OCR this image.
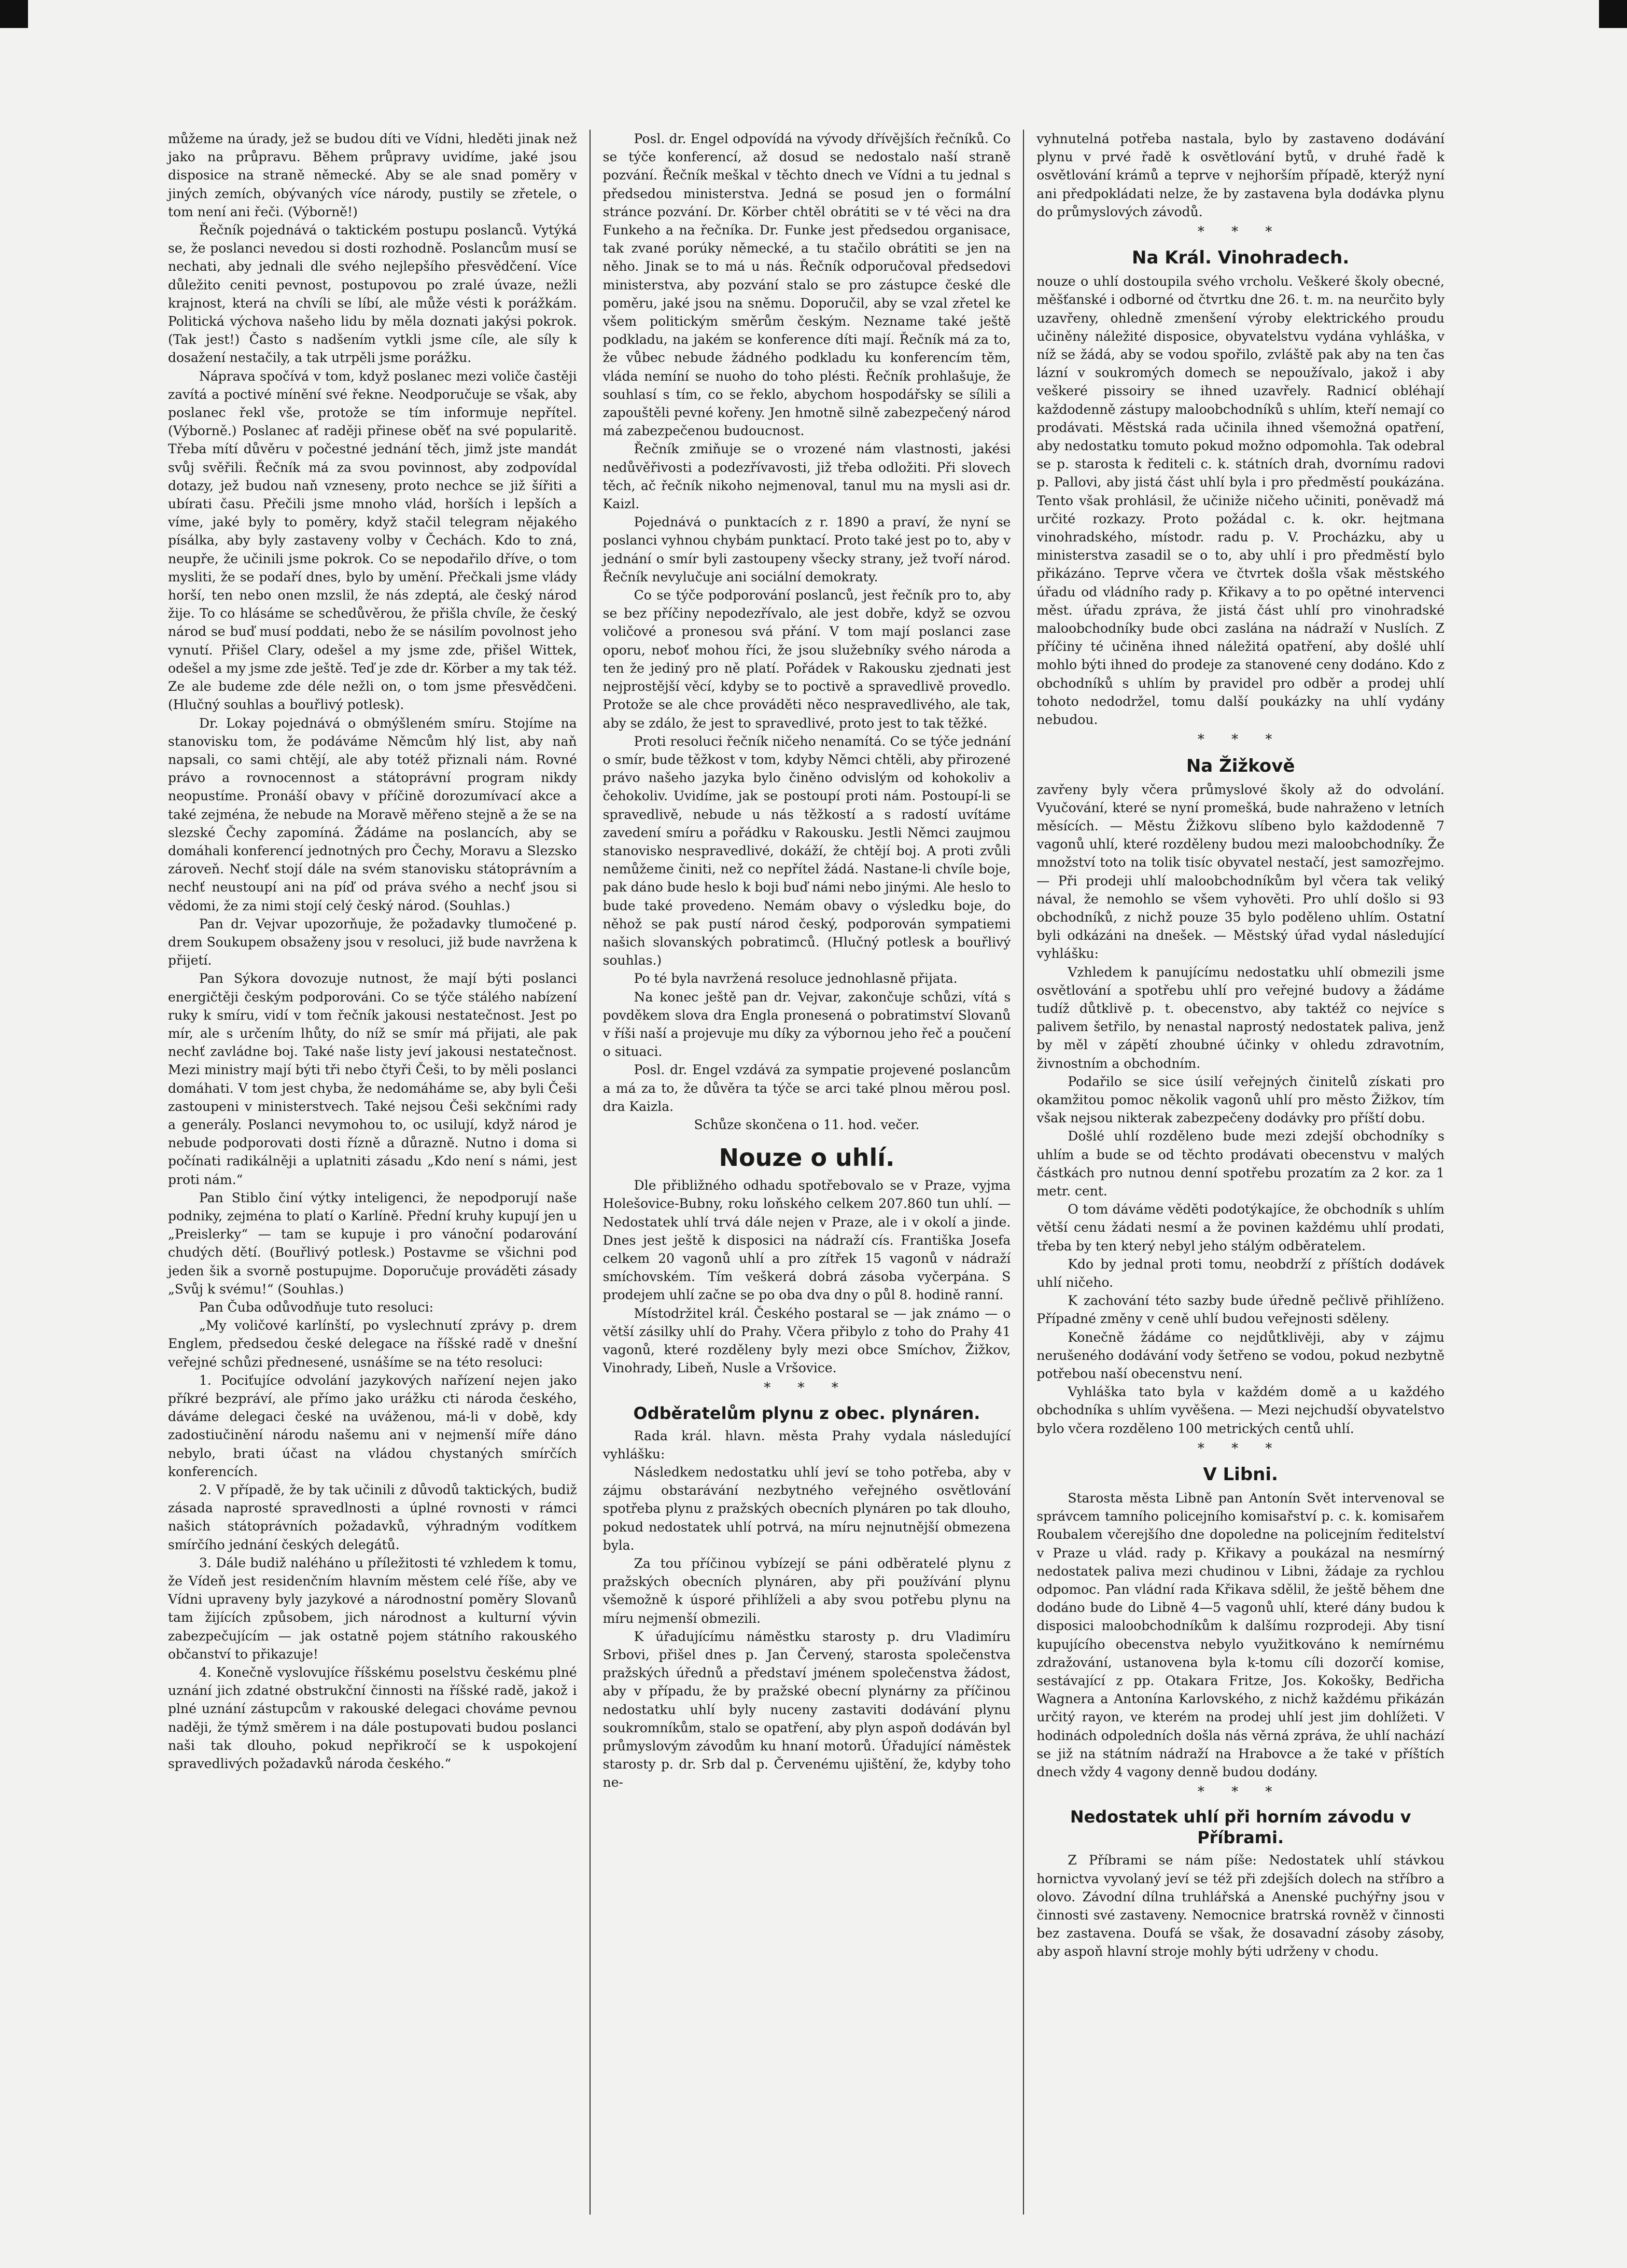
můžeme na úrady, jež se budou díti ve Vídni, hleděti jinak než jako na průpravu. Během průpravy uvidíme, jaké jsou disposice na straně německé. Aby se ale snad poměry v jiných zemích, obývaných více národy, pustily se zřetele, o tom není ani řeči. (Výborně!)

Řečník pojednává o taktickém postupu poslanců. Vytýká se, že poslanci nevedou si dosti rozhodně. Poslancům musí se nechati, aby jednali dle svého nejlepšího přesvědčení. Více důležito ceniti pevnost, postupovou po zralé úvaze, nežli krajnost, která na chvíli se líbí, ale může vésti k porážkám. Politická výchova našeho lidu by měla doznati jakýsi pokrok. (Tak jest!) Často s nadšením vytkli jsme cíle, ale síly k dosažení nestačily, a tak utrpěli jsme porážku.

Náprava spočívá v tom, když poslanec mezi voliče častěji zavítá a poctivé mínění své řekne. Neodporučuje se však, aby poslanec řekl vše, protože se tím informuje nepřítel. (Výborně.) Poslanec ať raději přinese oběť na své popularitě. Třeba mítí důvěru v počestné jednání těch, jimž jste mandát svůj svěřili. Řečník má za svou povinnost, aby zodpovídal dotazy, jež budou naň vzneseny, proto nechce se již šířiti a ubírati času. Přečili jsme mnoho vlád, horších i lepších a víme, jaké byly to poměry, když stačil telegram nějakého písálka, aby byly zastaveny volby v Čechách. Kdo to zná, neupře, že učinili jsme pokrok. Co se nepodařilo dříve, o tom mysliti, že se podaří dnes, bylo by umění. Přečkali jsme vlády horší, ten nebo onen mzslil, že nás zdeptá, ale český národ žije. To co hlásáme se schedůvěrou, že přišla chvíle, že český národ se buď musí poddati, nebo že se násilím povolnost jeho vynutí. Přišel Clary, odešel a my jsme zde, přišel Wittek, odešel a my jsme zde ještě. Teď je zde dr. Körber a my tak též. Ze ale budeme zde déle nežli on, o tom jsme přesvědčeni. (Hlučný souhlas a bouřlivý potlesk).

Dr. Lokay pojednává o obmýšleném smíru. Stojíme na stanovisku tom, že podáváme Němcům hlý list, aby naň napsali, co sami chtějí, ale aby totéž přiznali nám. Rovné právo a rovnocennost a státoprávní program nikdy neopustíme. Pronáší obavy v příčině dorozumívací akce a také zejména, že nebude na Moravě měřeno stejně a že se na slezské Čechy zapomíná. Žádáme na poslancích, aby se domáhali konferencí jednotných pro Čechy, Moravu a Slezsko zároveň. Nechť stojí dále na svém stanovisku státoprávním a nechť neustoupí ani na píď od práva svého a nechť jsou si vědomi, že za nimi stojí celý český národ. (Souhlas.)

Pan dr. Vejvar upozorňuje, že požadavky tlumočené p. drem Soukupem obsaženy jsou v resoluci, již bude navržena k přijetí.

Pan Sýkora dovozuje nutnost, že mají býti poslanci energičtěji českým podporováni. Co se týče stálého nabízení ruky k smíru, vidí v tom řečník jakousi nestatečnost. Jest po mír, ale s určením lhůty, do níž se smír má přijati, ale pak nechť zavládne boj. Také naše listy jeví jakousi nestatečnost. Mezi ministry mají býti tři nebo čtyři Češi, to by měli poslanci domáhati. V tom jest chyba, že nedomáháme se, aby byli Češi zastoupeni v ministerstvech. Také nejsou Češi sekčními rady a generály. Poslanci nevymohou to, oc usilují, když národ je nebude podporovati dosti řízně a důrazně. Nutno i doma si počínati radikálněji a uplatniti zásadu „Kdo není s námi, jest proti nám.“

Pan Stiblo činí výtky inteligenci, že nepodporují naše podniky, zejména to platí o Karlíně. Přední kruhy kupují jen u „Preislerky“ — tam se kupuje i pro vánoční podarování chudých dětí. (Bouřlivý potlesk.) Postavme se všichni pod jeden šik a svorně postupujme. Doporučuje prováděti zásady „Svůj k svému!“ (Souhlas.)

Pan Čuba odůvodňuje tuto resoluci:

„My voličové karlínští, po vyslechnutí zprávy p. drem Englem, předsedou české delegace na říšské radě v dnešní veřejné schůzi přednesené, usnášíme se na této resoluci:

1. Pociťujíce odvolání jazykových nařízení nejen jako příkré bezpráví, ale přímo jako urážku cti národa českého, dáváme delegaci české na uváženou, má-li v době, kdy zadostiučinění národu našemu ani v nejmenší míře dáno nebylo, brati účast na vládou chystaných smírčích konferencích.

2. V případě, že by tak učinili z důvodů taktických, budiž zásada naprosté spravedlnosti a úplné rovnosti v rámci našich státoprávních požadavků, výhradným vodítkem smírčího jednání českých delegátů.

3. Dále budiž naléháno u příležitosti té vzhledem k tomu, že Vídeň jest residenčním hlavním městem celé říše, aby ve Vídni upraveny byly jazykové a národnostní poměry Slovanů tam žijících způsobem, jich národnost a kulturní vývin zabezpečujícím — jak ostatně pojem státního rakouského občanství to přikazuje!

4. Konečně vyslovujíce říšskému poselstvu českému plné uznání jich zdatné obstrukční činnosti na říšské radě, jakož i plné uznání zástupcům v rakouské delegaci chováme pevnou naději, že týmž směrem i na dále postupovati budou poslanci naši tak dlouho, pokud nepřikročí se k uspokojení spravedlivých požadavků národa českého.“

Posl. dr. Engel odpovídá na vývody dřívějších řečníků. Co se týče konferencí, až dosud se nedostalo naší straně pozvání. Řečník meškal v těchto dnech ve Vídni a tu jednal s předsedou ministerstva. Jedná se posud jen o formální stránce pozvání. Dr. Körber chtěl obrátiti se v té věci na dra Funkeho a na řečníka. Dr. Funke jest předsedou organisace, tak zvané porúky německé, a tu stačilo obrátiti se jen na něho. Jinak se to má u nás. Řečník odporučoval předsedovi ministerstva, aby pozvání stalo se pro zástupce české dle poměru, jaké jsou na sněmu. Doporučil, aby se vzal zřetel ke všem politickým směrům českým. Nezname také ještě podkladu, na jakém se konference díti mají. Řečník má za to, že vůbec nebude žádného podkladu ku konferencím těm, vláda nemíní se nuoho do toho plésti. Řečník prohlašuje, že souhlasí s tím, co se řeklo, abychom hospodářsky se sílili a zapouštěli pevné kořeny. Jen hmotně silně zabezpečený národ má zabezpečenou budoucnost.

Řečník zmiňuje se o vrozené nám vlastnosti, jakési nedůvěřivosti a podezřívavosti, již třeba odložiti. Při slovech těch, ač řečník nikoho nejmenoval, tanul mu na mysli asi dr. Kaizl.

Pojednává o punktacích z r. 1890 a praví, že nyní se poslanci vyhnou chybám punktací. Proto také jest po to, aby v jednání o smír byli zastoupeny všecky strany, jež tvoří národ. Řečník nevylučuje ani sociální demokraty.

Co se týče podporování poslanců, jest řečník pro to, aby se bez příčiny nepodezřívalo, ale jest dobře, když se ozvou voličové a pronesou svá přání. V tom mají poslanci zase oporu, neboť mohou říci, že jsou služebníky svého národa a ten že jediný pro ně platí. Pořádek v Rakousku zjednati jest nejprostější věcí, kdyby se to poctivě a spravedlivě provedlo. Protože se ale chce prováděti něco nespravedlivého, ale tak, aby se zdálo, že jest to spravedlivé, proto jest to tak těžké.

Proti resoluci řečník ničeho nenamítá. Co se týče jednání o smír, bude těžkost v tom, kdyby Němci chtěli, aby přirozené právo našeho jazyka bylo činěno odvislým od kohokoliv a čehokoliv. Uvidíme, jak se postoupí proti nám. Postoupí-li se spravedlivě, nebude u nás těžkostí a s radostí uvítáme zavedení smíru a pořádku v Rakousku. Jestli Němci zaujmou stanovisko nespravedlivé, dokáží, že chtějí boj. A proti zvůli nemůžeme činiti, než co nepřítel žádá. Nastane-li chvíle boje, pak dáno bude heslo k boji buď námi nebo jinými. Ale heslo to bude také provedeno. Nemám obavy o výsledku boje, do něhož se pak pustí národ český, podporován sympatiemi našich slovanských pobratimců. (Hlučný potlesk a bouřlivý souhlas.)

Po té byla navržená resoluce jednohlasně přijata.

Na konec ještě pan dr. Vejvar, zakončuje schůzi, vítá s povděkem slova dra Engla pronesená o pobratimství Slovanů v říši naší a projevuje mu díky za výbornou jeho řeč a poučení o situaci.

Posl. dr. Engel vzdává za sympatie projevené poslancům a má za to, že důvěra ta týče se arci také plnou měrou posl. dra Kaizla.

Schůze skončena o 11. hod. večer.

Nouze o uhlí.

Dle přibližného odhadu spotřebovalo se v Praze, vyjma Holešovice-Bubny, roku loňského celkem 207.860 tun uhlí. — Nedostatek uhlí trvá dále nejen v Praze, ale i v okolí a jinde. Dnes jest ještě k disposici na nádraží cís. Františka Josefa celkem 20 vagonů uhlí a pro zítřek 15 vagonů v nádraží smíchovském. Tím veškerá dobrá zásoba vyčerpána. S prodejem uhlí začne se po oba dva dny o půl 8. hodině ranní.

Místodržitel král. Českého postaral se — jak známo — o větší zásilky uhlí do Prahy. Včera přibylo z toho do Prahy 41 vagonů, které rozděleny byly mezi obce Smíchov, Žižkov, Vinohrady, Libeň, Nusle a Vršovice.

* * *
Odběratelům plynu z obec. plynáren.

Rada král. hlavn. města Prahy vydala následující vyhlášku:

Následkem nedostatku uhlí jeví se toho potřeba, aby v zájmu obstarávání nezbytného veřejného osvětlování spotřeba plynu z pražských obecních plynáren po tak dlouho, pokud nedostatek uhlí potrvá, na míru nejnutnější obmezena byla.

Za tou příčinou vybízejí se páni odběratelé plynu z pražských obecních plynáren, aby při používání plynu všemožně k úsporé přihlíželi a aby svou potřebu plynu na míru nejmenší obmezili.

K úřadujícímu náměstku starosty p. dru Vladimíru Srbovi, přišel dnes p. Jan Červený, starosta společenstva pražských úřednů a představí jménem společenstva žádost, aby v případu, že by pražské obecní plynárny za příčinou nedostatku uhlí byly nuceny zastaviti dodávání plynu soukromníkům, stalo se opatření, aby plyn aspoň dodáván byl průmyslovým závodům ku hnaní motorů. Úřadující náměstek starosty p. dr. Srb dal p. Červenému ujištění, že, kdyby toho ne-

vyhnutelná potřeba nastala, bylo by zastaveno dodávání plynu v prvé řadě k osvětlování bytů, v druhé řadě k osvětlování krámů a teprve v nejhorším případě, kterýž nyní ani předpokládati nelze, že by zastavena byla dodávka plynu do průmyslových závodů.

* * *
Na Král. Vinohradech.

nouze o uhlí dostoupila svého vrcholu. Veškeré školy obecné, měšťanské i odborné od čtvrtku dne 26. t. m. na neurčito byly uzavřeny, ohledně zmenšení výroby elektrického proudu učiněny náležité disposice, obyvatelstvu vydána vyhláška, v níž se žádá, aby se vodou spořilo, zvláště pak aby na ten čas lázní v soukromých domech se nepoužívalo, jakož i aby veškeré pissoiry se ihned uzavřely. Radnicí obléhají každodenně zástupy maloobchodníků s uhlím, kteří nemají co prodávati. Městská rada učinila ihned všemožná opatření, aby nedostatku tomuto pokud možno odpomohla. Tak odebral se p. starosta k řediteli c. k. státních drah, dvornímu radovi p. Pallovi, aby jistá část uhlí byla i pro předměstí poukázána. Tento však prohlásil, že učiniže ničeho učiniti, poněvadž má určité rozkazy. Proto požádal c. k. okr. hejtmana vinohradského, místodr. radu p. V. Procházku, aby u ministerstva zasadil se o to, aby uhlí i pro předměstí bylo přikázáno. Teprve včera ve čtvrtek došla však městského úřadu od vládního rady p. Křikavy a to po opětné intervenci měst. úřadu zpráva, že jistá část uhlí pro vinohradské maloobchodníky bude obci zaslána na nádraží v Nuslích. Z příčiny té učiněna ihned náležitá opatření, aby došlé uhlí mohlo býti ihned do prodeje za stanovené ceny dodáno. Kdo z obchodníků s uhlím by pravidel pro odběr a prodej uhlí tohoto nedodržel, tomu další poukázky na uhlí vydány nebudou.

* * *
Na Žižkově

zavřeny byly včera průmyslové školy až do odvolání. Vyučování, které se nyní promešká, bude nahraženo v letních měsících. — Městu Žižkovu slíbeno bylo každodenně 7 vagonů uhlí, které rozděleny budou mezi maloobchodníky. Že množství toto na tolik tisíc obyvatel nestačí, jest samozřejmo. — Při prodeji uhlí maloobchodníkům byl včera tak veliký nával, že nemohlo se všem vyhověti. Pro uhlí došlo si 93 obchodníků, z nichž pouze 35 bylo poděleno uhlím. Ostatní byli odkázáni na dnešek. — Městský úřad vydal následující vyhlášku:

Vzhledem k panujícímu nedostatku uhlí obmezili jsme osvětlování a spotřebu uhlí pro veřejné budovy a žádáme tudíž důtklivě p. t. obecenstvo, aby taktéž co nejvíce s palivem šetřilo, by nenastal naprostý nedostatek paliva, jenž by měl v zápětí zhoubné účinky v ohledu zdravotním, živnostním a obchodním.

Podařilo se sice úsilí veřejných činitelů získati pro okamžitou pomoc několik vagonů uhlí pro město Žižkov, tím však nejsou nikterak zabezpečeny dodávky pro příští dobu.

Došlé uhlí rozděleno bude mezi zdejší obchodníky s uhlím a bude se od těchto prodávati obecenstvu v malých částkách pro nutnou denní spotřebu prozatím za 2 kor. za 1 metr. cent.

O tom dáváme věděti podotýkajíce, že obchodník s uhlím větší cenu žádati nesmí a že povinen každému uhlí prodati, třeba by ten který nebyl jeho stálým odběratelem.

Kdo by jednal proti tomu, neobdrží z příštích dodávek uhlí ničeho.

K zachování této sazby bude úředně pečlivě přihlíženo. Případné změny v ceně uhlí budou veřejnosti sděleny.

Konečně žádáme co nejdůtklivěji, aby v zájmu nerušeného dodávání vody šetřeno se vodou, pokud nezbytně potřebou naší obecenstvu není.

Vyhláška tato byla v každém domě a u každého obchodníka s uhlím vyvěšena. — Mezi nejchudší obyvatelstvo bylo včera rozděleno 100 metrických centů uhlí.

* * *
V Libni.

Starosta města Libně pan Antonín Svět intervenoval se správcem tamního policejního komisařství p. c. k. komisařem Roubalem včerejšího dne dopoledne na policejním ředitelství v Praze u vlád. rady p. Křikavy a poukázal na nesmírný nedostatek paliva mezi chudinou v Libni, žádaje za rychlou odpomoc. Pan vládní rada Křikava sdělil, že ještě během dne dodáno bude do Libně 4—5 vagonů uhlí, které dány budou k disposici maloobchodníkům k dalšímu rozprodeji. Aby tisní kupujícího obecenstva nebylo využitkováno k nemírnému zdražování, ustanovena byla k-tomu cíli dozorčí komise, sestávající z pp. Otakara Fritze, Jos. Kokošky, Bedřicha Wagnera a Antonína Karlovského, z nichž každému přikázán určitý rayon, ve kterém na prodej uhlí jest jim dohlížeti. V hodinách odpoledních došla nás věrná zpráva, že uhlí nachází se již na státním nádraží na Hrabovce a že také v příštích dnech vždy 4 vagony denně budou dodány.

* * *
Nedostatek uhlí při horním závodu v Příbrami.

Z Příbrami se nám píše: Nedostatek uhlí stávkou hornictva vyvolaný jeví se též při zdejších dolech na stříbro a olovo. Závodní dílna truhlářská a Anenské puchýřny jsou v činnosti své zastaveny. Nemocnice bratrská rovněž v činnosti bez zastavena. Doufá se však, že dosavadní zásoby zásoby, aby aspoň hlavní stroje mohly býti udrženy v chodu.
